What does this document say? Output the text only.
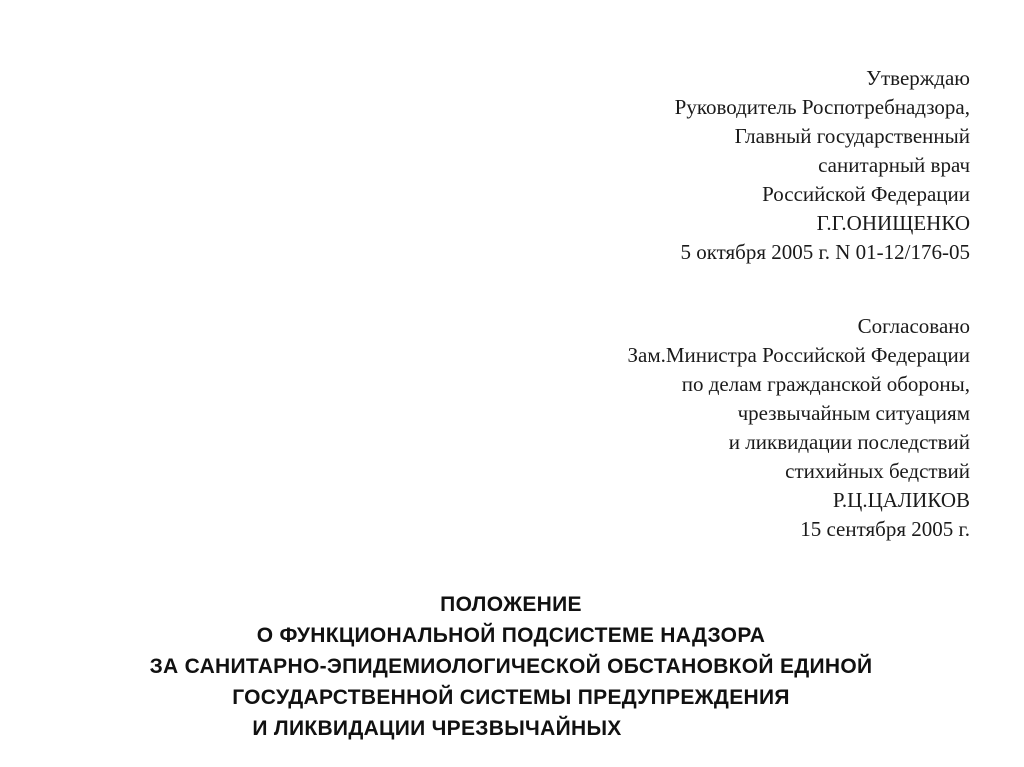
Утверждаю
Руководитель Роспотребнадзора,
Главный государственный
санитарный врач
Российской Федерации
Г.Г.ОНИЩЕНКО
5 октября 2005 г. N 01-12/176-05
Согласовано
Зам.Министра Российской Федерации
по делам гражданской обороны,
чрезвычайным ситуациям
и ликвидации последствий
стихийных бедствий
Р.Ц.ЦАЛИКОВ
15 сентября 2005 г.
ПОЛОЖЕНИЕ
О ФУНКЦИОНАЛЬНОЙ ПОДСИСТЕМЕ НАДЗОРА
ЗА САНИТАРНО-ЭПИДЕМИОЛОГИЧЕСКОЙ ОБСТАНОВКОЙ ЕДИНОЙ
ГОСУДАРСТВЕННОЙ СИСТЕМЫ ПРЕДУПРЕЖДЕНИЯ
И ЛИКВИДАЦИИ ЧРЕЗВЫЧАЙНЫХ
